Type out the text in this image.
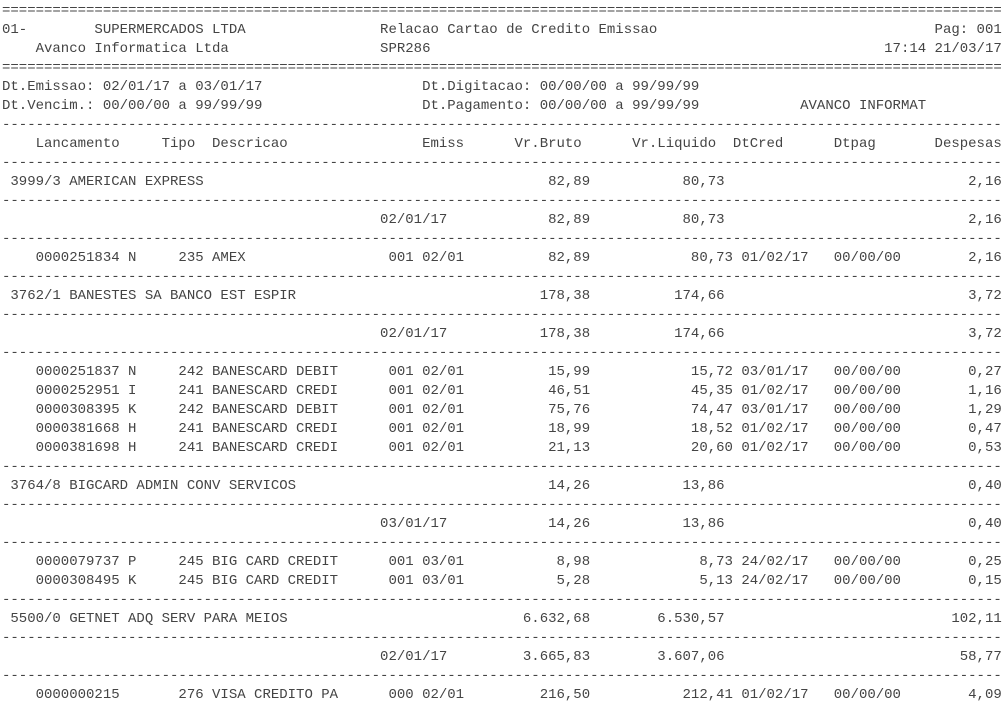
=======================================================================================================================
01-        SUPERMERCADOS LTDA                Relacao Cartao de Credito Emissao                                 Pag: 001
Avanco Informatica Ltda                  SPR286                                                      17:14 21/03/17
=======================================================================================================================
Dt.Emissao: 02/01/17 a 03/01/17                   Dt.Digitacao: 00/00/00 a 99/99/99
Dt.Vencim.: 00/00/00 a 99/99/99                   Dt.Pagamento: 00/00/00 a 99/99/99            AVANCO INFORMAT
-----------------------------------------------------------------------------------------------------------------------
Lancamento     Tipo  Descricao                Emiss      Vr.Bruto      Vr.Liquido  DtCred      Dtpag       Despesas
-----------------------------------------------------------------------------------------------------------------------
3999/3 AMERICAN EXPRESS                                         82,89           80,73                             2,16
-----------------------------------------------------------------------------------------------------------------------
02/01/17            82,89           80,73                             2,16
-----------------------------------------------------------------------------------------------------------------------
0000251834 N     235 AMEX                 001 02/01          82,89            80,73 01/02/17   00/00/00        2,16
-----------------------------------------------------------------------------------------------------------------------
3762/1 BANESTES SA BANCO EST ESPIR                             178,38          174,66                             3,72
-----------------------------------------------------------------------------------------------------------------------
02/01/17           178,38          174,66                             3,72
-----------------------------------------------------------------------------------------------------------------------
0000251837 N     242 BANESCARD DEBIT      001 02/01          15,99            15,72 03/01/17   00/00/00        0,27
0000252951 I     241 BANESCARD CREDI      001 02/01          46,51            45,35 01/02/17   00/00/00        1,16
0000308395 K     242 BANESCARD DEBIT      001 02/01          75,76            74,47 03/01/17   00/00/00        1,29
0000381668 H     241 BANESCARD CREDI      001 02/01          18,99            18,52 01/02/17   00/00/00        0,47
0000381698 H     241 BANESCARD CREDI      001 02/01          21,13            20,60 01/02/17   00/00/00        0,53
-----------------------------------------------------------------------------------------------------------------------
3764/8 BIGCARD ADMIN CONV SERVICOS                              14,26           13,86                             0,40
-----------------------------------------------------------------------------------------------------------------------
03/01/17            14,26           13,86                             0,40
-----------------------------------------------------------------------------------------------------------------------
0000079737 P     245 BIG CARD CREDIT      001 03/01           8,98             8,73 24/02/17   00/00/00        0,25
0000308495 K     245 BIG CARD CREDIT      001 03/01           5,28             5,13 24/02/17   00/00/00        0,15
-----------------------------------------------------------------------------------------------------------------------
5500/0 GETNET ADQ SERV PARA MEIOS                            6.632,68        6.530,57                           102,11
-----------------------------------------------------------------------------------------------------------------------
02/01/17         3.665,83        3.607,06                            58,77
-----------------------------------------------------------------------------------------------------------------------
0000000215       276 VISA CREDITO PA      000 02/01         216,50           212,41 01/02/17   00/00/00        4,09
